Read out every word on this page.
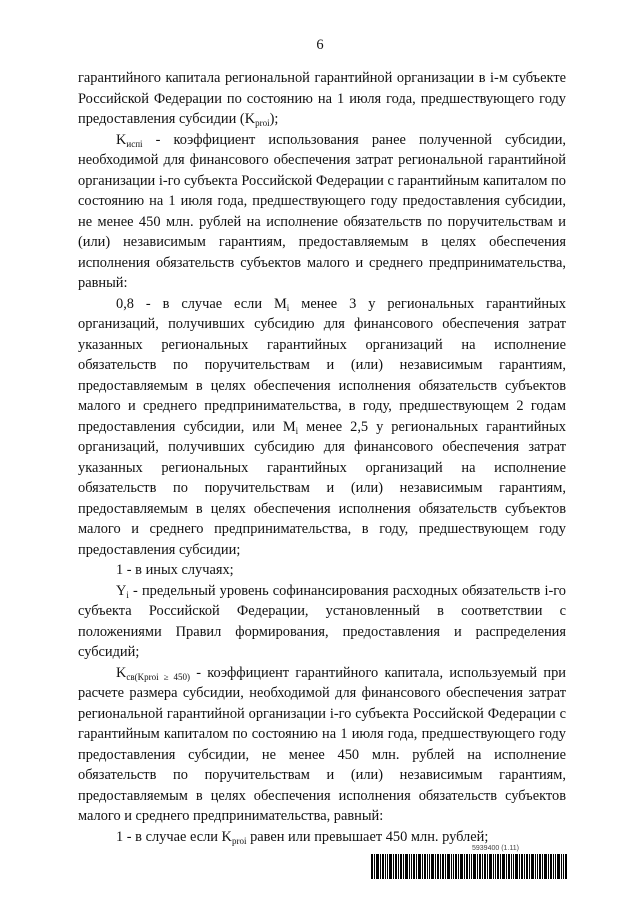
6

гарантийного капитала региональной гарантийной организации в i-м субъекте Российской Федерации по состоянию на 1 июля года, предшествующего году предоставления субсидии $(K_{proi})$;

$K_{испi}$ - коэффициент использования ранее полученной субсидии, необходимой для финансового обеспечения затрат региональной гарантийной организации i-го субъекта Российской Федерации с гарантийным капиталом по состоянию на 1 июля года, предшествующего году предоставления субсидии, не менее 450 млн. рублей на исполнение обязательств по поручительствам и (или) независимым гарантиям, предоставляемым в целях обеспечения исполнения обязательств субъектов малого и среднего предпринимательства, равный:

0,8 - в случае если $M_i$ менее 3 у региональных гарантийных организаций, получивших субсидию для финансового обеспечения затрат указанных региональных гарантийных организаций на исполнение обязательств по поручительствам и (или) независимым гарантиям, предоставляемым в целях обеспечения исполнения обязательств субъектов малого и среднего предпринимательства, в году, предшествующем 2 годам предоставления субсидии, или $M_i$ менее 2,5 у региональных гарантийных организаций, получивших субсидию для финансового обеспечения затрат указанных региональных гарантийных организаций на исполнение обязательств по поручительствам и (или) независимым гарантиям, предоставляемым в целях обеспечения исполнения обязательств субъектов малого и среднего предпринимательства, в году, предшествующем году предоставления субсидии;

1 - в иных случаях;

$Y_i$ - предельный уровень софинансирования расходных обязательств i-го субъекта Российской Федерации, установленный в соответствии с положениями Правил формирования, предоставления и распределения субсидий;

$K_{св(Kproi \ge 450)}$ - коэффициент гарантийного капитала, используемый при расчете размера субсидии, необходимой для финансового обеспечения затрат региональной гарантийной организации i-го субъекта Российской Федерации с гарантийным капиталом по состоянию на 1 июля года, предшествующего году предоставления субсидии, не менее 450 млн. рублей на исполнение обязательств по поручительствам и (или) независимым гарантиям, предоставляемым в целях обеспечения исполнения обязательств субъектов малого и среднего предпринимательства, равный:

1 - в случае если $K_{proi}$ равен или превышает 450 млн. рублей;

5939400 (1.11)
